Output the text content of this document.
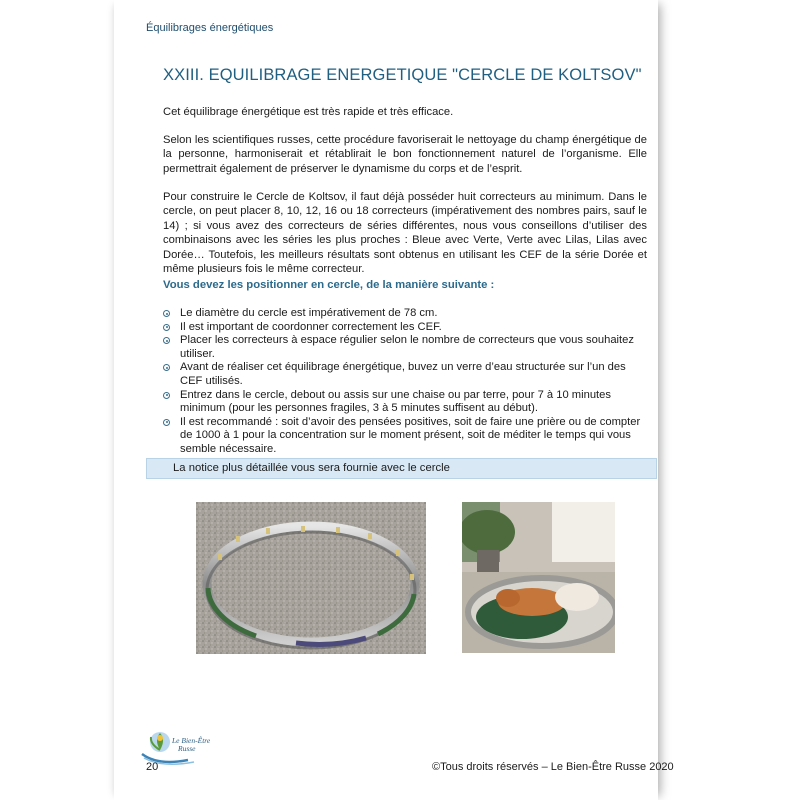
Équilibrages énergétiques
XXIII. EQUILIBRAGE ENERGETIQUE "CERCLE DE KOLTSOV"

Cet équilibrage énergétique est très rapide et très efficace.

Selon les scientifiques russes, cette procédure favoriserait le nettoyage du champ énergétique de la personne, harmoniserait et rétablirait le bon fonctionnement naturel de l’organisme. Elle permettrait également de préserver le dynamisme du corps et de l’esprit.

Pour construire le Cercle de Koltsov, il faut déjà posséder huit correcteurs au minimum. Dans le cercle, on peut placer 8, 10, 12, 16 ou 18 correcteurs (impérativement des nombres pairs, sauf le 14) ; si vous avez des correcteurs de séries différentes, nous vous conseillons d’utiliser des combinaisons avec les séries les plus proches : Bleue avec Verte, Verte avec Lilas, Lilas avec Dorée… Toutefois, les meilleurs résultats sont obtenus en utilisant les CEF de la série Dorée et même plusieurs fois le même correcteur.

Vous devez les positionner en cercle, de la manière suivante :
Le diamètre du cercle est impérativement de 78 cm.
Il est important de coordonner correctement les CEF.
Placer les correcteurs à espace régulier selon le nombre de correcteurs que vous souhaitez utiliser.
Avant de réaliser cet équilibrage énergétique, buvez un verre d’eau structurée sur l’un des CEF utilisés.
Entrez dans le cercle, debout ou assis sur une chaise ou par terre, pour 7 à 10 minutes minimum (pour les personnes fragiles, 3 à 5 minutes suffisent au début).
Il est recommandé : soit d’avoir des pensées positives, soit de faire une prière ou de compter de 1000 à 1 pour la concentration sur le moment présent, soit de méditer le temps qui vous semble nécessaire.
La notice plus détaillée vous sera fournie avec le cercle
Le Bien-Être
Russe
20	©Tous droits réservés – Le Bien-Être Russe 2020
